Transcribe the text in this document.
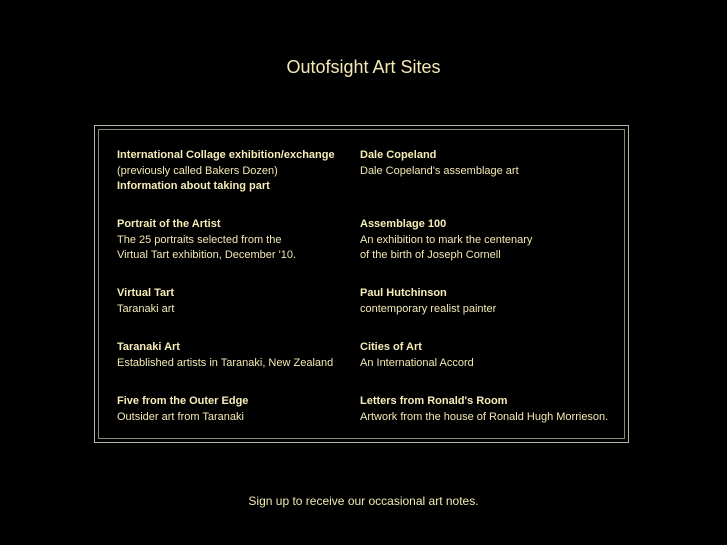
Outofsight Art Sites
International Collage exhibition/exchange
(previously called Bakers Dozen)
Information about taking part
Portrait of the Artist
The 25 portraits selected from the
Virtual Tart exhibition, December '10.
Virtual Tart
Taranaki art
Taranaki Art
Established artists in Taranaki, New Zealand
Five from the Outer Edge
Outsider art from Taranaki
Dale Copeland
Dale Copeland's assemblage art
Assemblage 100
An exhibition to mark the centenary
of the birth of Joseph Cornell
Paul Hutchinson
contemporary realist painter
Cities of Art
An International Accord
Letters from Ronald's Room
Artwork from the house of Ronald Hugh Morrieson.
Sign up to receive our occasional art notes.
